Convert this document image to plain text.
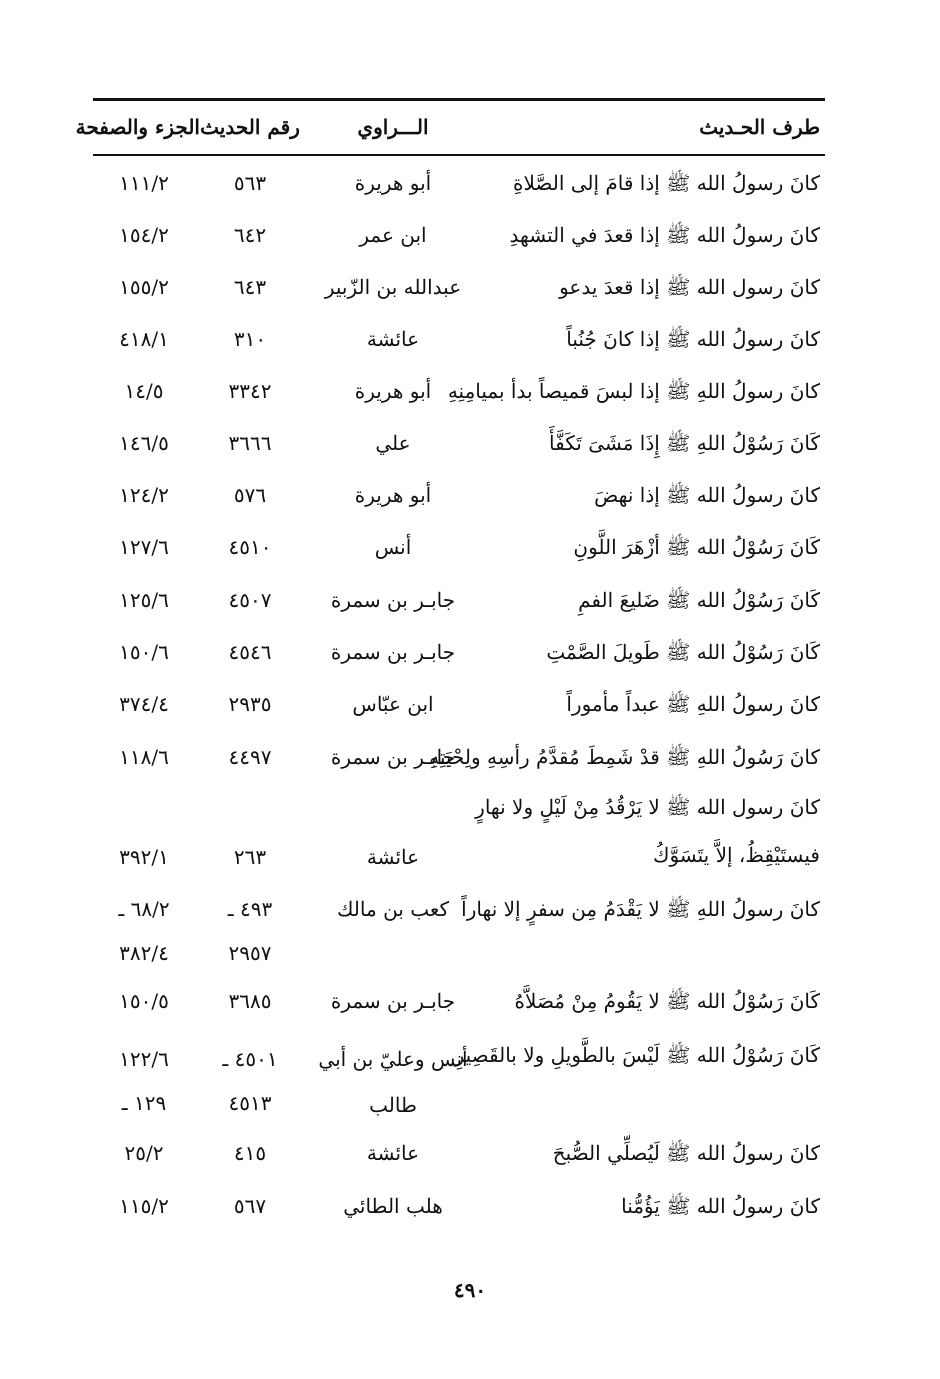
طرف الحـديث
الـــراوي
رقم الحديث
الجزء والصفحة
كانَ رسولُ الله ﷺ إذا قامَ إلى الصَّلاةِ
أبو هريرة
٥٦٣
١١١/٢
كانَ رسولُ الله ﷺ إذا قعدَ في التشهدِ
ابن عمر
٦٤٢
١٥٤/٢
كانَ رسول الله ﷺ إذا قعدَ يدعو
عبدالله بن الزّبير
٦٤٣
١٥٥/٢
كانَ رسولُ الله ﷺ إذا كانَ جُنُباً
عائشة
٣١٠
٤١٨/١
كانَ رسولُ اللهِ ﷺ إذا لبسَ قميصاً بدأ بميامِنِهِ
أبو هريرة
٣٣٤٢
١٤/٥
كَانَ رَسُوْلُ اللهِ ﷺ إِذَا مَشَىَ تَكَفَّأَ
علي
٣٦٦٦
١٤٦/٥
كانَ رسولُ الله ﷺ إذا نهضَ
أبو هريرة
٥٧٦
١٢٤/٢
كَانَ رَسُوْلُ الله ﷺ أزْهَرَ اللَّونِ
أنس
٤٥١٠
١٢٧/٦
كَانَ رَسُوْلُ الله ﷺ ضَليعَ الفمِ
جابـر بن سمرة
٤٥٠٧
١٢٥/٦
كَانَ رَسُوْلُ الله ﷺ طَويلَ الصَّمْتِ
جابـر بن سمرة
٤٥٤٦
١٥٠/٦
كانَ رسولُ اللهِ ﷺ عبداً مأموراً
ابن عبّاس
٢٩٣٥
٣٧٤/٤
كانَ رَسُولُ اللهِ ﷺ قدْ شَمِطَ مُقدَّمُ رأسِهِ ولِحْيَتِهِ
جابـر بن سمرة
٤٤٩٧
١١٨/٦
كانَ رسول الله ﷺ لا يَرْقُدُ مِنْ لَيْلٍ ولا نهارٍ
فيستَيْقِظُ، إلاَّ يتَسَوَّكُ
عائشة
٢٦٣
٣٩٢/١
كانَ رسولُ اللهِ ﷺ لا يَقْدَمُ مِن سفرٍ إلا نهاراً
كعب بن مالك
٤٩٣ ـ
٦٨/٢ ـ
٢٩٥٧
٣٨٢/٤
كَانَ رَسُوْلُ الله ﷺ لا يَقُومُ مِنْ مُصَلاَّهُ
جابـر بن سمرة
٣٦٨٥
١٥٠/٥
كَانَ رَسُوْلُ الله ﷺ لَيْسَ بالطَّويلِ ولا بالقَصِيرِ
أنس وعليّ بن أبي
٤٥٠١ ـ
١٢٢/٦
طالب
٤٥١٣
١٢٩ ـ
كانَ رسولُ الله ﷺ لَيُصلِّي الصُّبحَ
عائشة
٤١٥
٢٥/٢
كانَ رسولُ الله ﷺ يَؤُمُّنا
هلب الطائي
٥٦٧
١١٥/٢
٤٩٠
